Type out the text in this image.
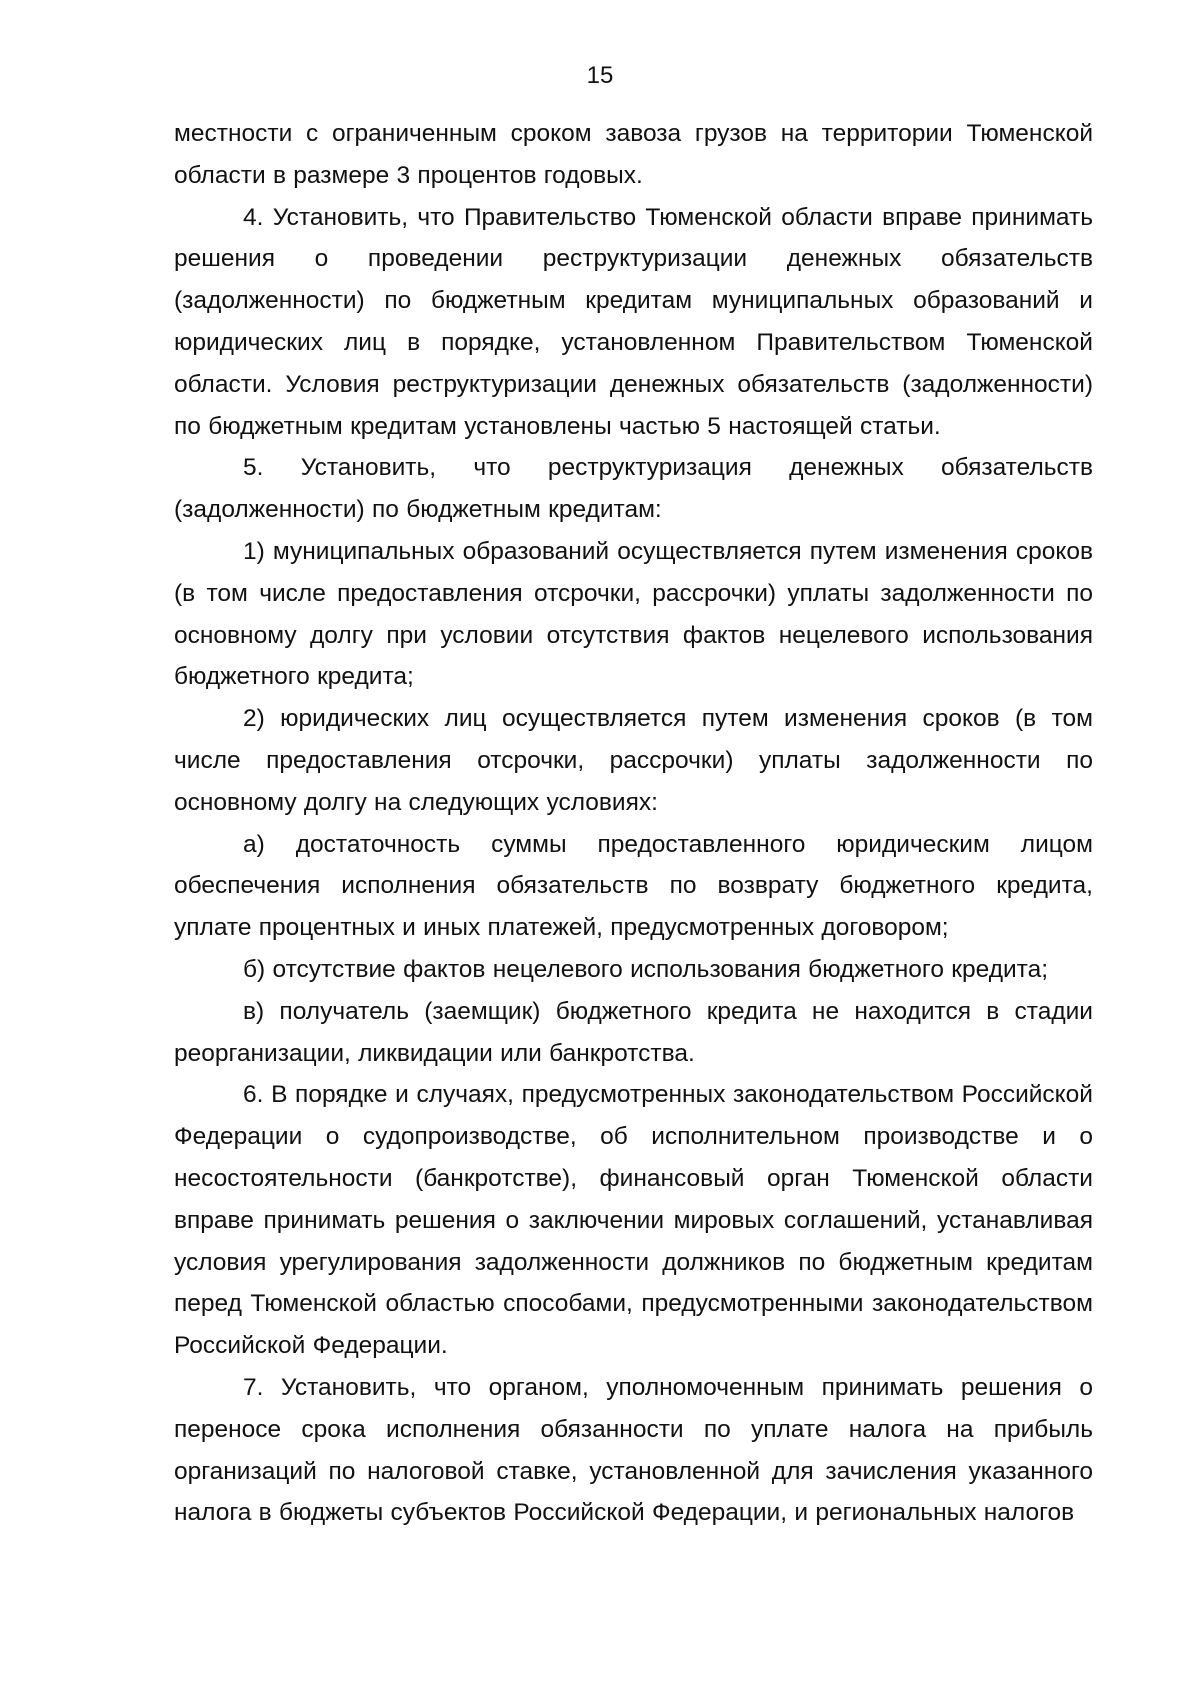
15

местности с ограниченным сроком завоза грузов на территории Тюменской области в размере 3 процентов годовых.

4. Установить, что Правительство Тюменской области вправе принимать решения о проведении реструктуризации денежных обязательств (задолженности) по бюджетным кредитам муниципальных образований и юридических лиц в порядке, установленном Правительством Тюменской области. Условия реструктуризации денежных обязательств (задолженности) по бюджетным кредитам установлены частью 5 настоящей статьи.

5. Установить, что реструктуризация денежных обязательств (задолженности) по бюджетным кредитам:

1) муниципальных образований осуществляется путем изменения сроков (в том числе предоставления отсрочки, рассрочки) уплаты задолженности по основному долгу при условии отсутствия фактов нецелевого использования бюджетного кредита;

2) юридических лиц осуществляется путем изменения сроков (в том числе предоставления отсрочки, рассрочки) уплаты задолженности по основному долгу на следующих условиях:

а) достаточность суммы предоставленного юридическим лицом обеспечения исполнения обязательств по возврату бюджетного кредита, уплате процентных и иных платежей, предусмотренных договором;

б) отсутствие фактов нецелевого использования бюджетного кредита;

в) получатель (заемщик) бюджетного кредита не находится в стадии реорганизации, ликвидации или банкротства.

6. В порядке и случаях, предусмотренных законодательством Российской Федерации о судопроизводстве, об исполнительном производстве и о несостоятельности (банкротстве), финансовый орган Тюменской области вправе принимать решения о заключении мировых соглашений, устанавливая условия урегулирования задолженности должников по бюджетным кредитам перед Тюменской областью способами, предусмотренными законодательством Российской Федерации.

7. Установить, что органом, уполномоченным принимать решения о переносе срока исполнения обязанности по уплате налога на прибыль организаций по налоговой ставке, установленной для зачисления указанного налога в бюджеты субъектов Российской Федерации, и региональных налогов
